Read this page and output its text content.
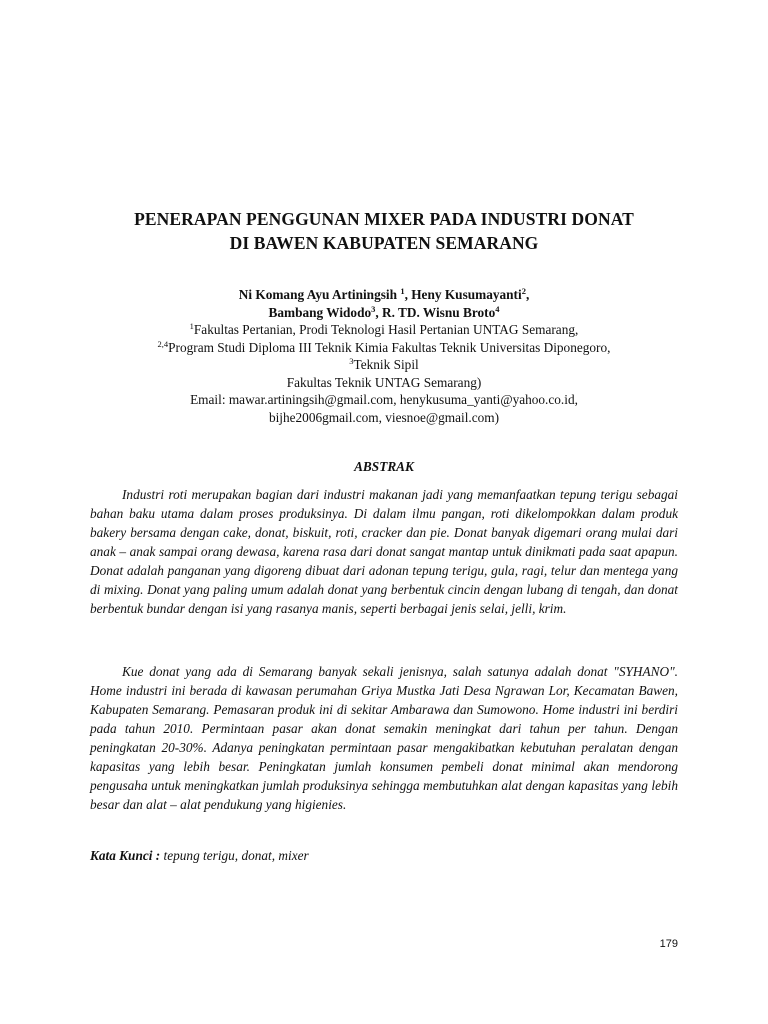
PENERAPAN PENGGUNAN MIXER PADA INDUSTRI DONAT
DI BAWEN KABUPATEN SEMARANG
Ni Komang Ayu Artiningsih $^1$, Heny Kusumayanti$^2$,
Bambang Widodo$^3$, R. TD. Wisnu Broto$^4$
$^1$Fakultas Pertanian, Prodi Teknologi Hasil Pertanian UNTAG Semarang,
$^{2,4}$Program Studi Diploma III Teknik Kimia Fakultas Teknik Universitas Diponegoro,
$^3$Teknik Sipil
Fakultas Teknik UNTAG Semarang)
Email: mawar.artiningsih@gmail.com, henykusuma_yanti@yahoo.co.id,
bijhe2006gmail.com, viesnoe@gmail.com)
ABSTRAK

Industri roti merupakan bagian dari industri makanan jadi yang memanfaatkan tepung terigu sebagai bahan baku utama dalam proses produksinya. Di dalam ilmu pangan, roti dikelompokkan dalam produk bakery bersama dengan cake, donat, biskuit, roti, cracker dan pie. Donat banyak digemari orang mulai dari anak – anak sampai orang dewasa, karena rasa dari donat sangat mantap untuk dinikmati pada saat apapun. Donat adalah panganan yang digoreng dibuat dari adonan tepung terigu, gula, ragi, telur dan mentega yang di mixing. Donat yang paling umum adalah donat yang berbentuk cincin dengan lubang di tengah, dan donat berbentuk bundar dengan isi yang rasanya manis, seperti berbagai jenis selai, jelli, krim.

Kue donat yang ada di Semarang banyak sekali jenisnya, salah satunya adalah donat "SYHANO". Home industri ini berada di kawasan perumahan Griya Mustka Jati Desa Ngrawan Lor, Kecamatan Bawen, Kabupaten Semarang. Pemasaran produk ini di sekitar Ambarawa dan Sumowono. Home industri ini berdiri pada tahun 2010. Permintaan pasar akan donat semakin meningkat dari tahun per tahun. Dengan peningkatan 20-30%. Adanya peningkatan permintaan pasar mengakibatkan kebutuhan peralatan dengan kapasitas yang lebih besar. Peningkatan jumlah konsumen pembeli donat minimal akan mendorong pengusaha untuk meningkatkan jumlah produksinya sehingga membutuhkan alat dengan kapasitas yang lebih besar dan alat – alat pendukung yang higienies.

Kata Kunci : tepung terigu, donat, mixer
179
